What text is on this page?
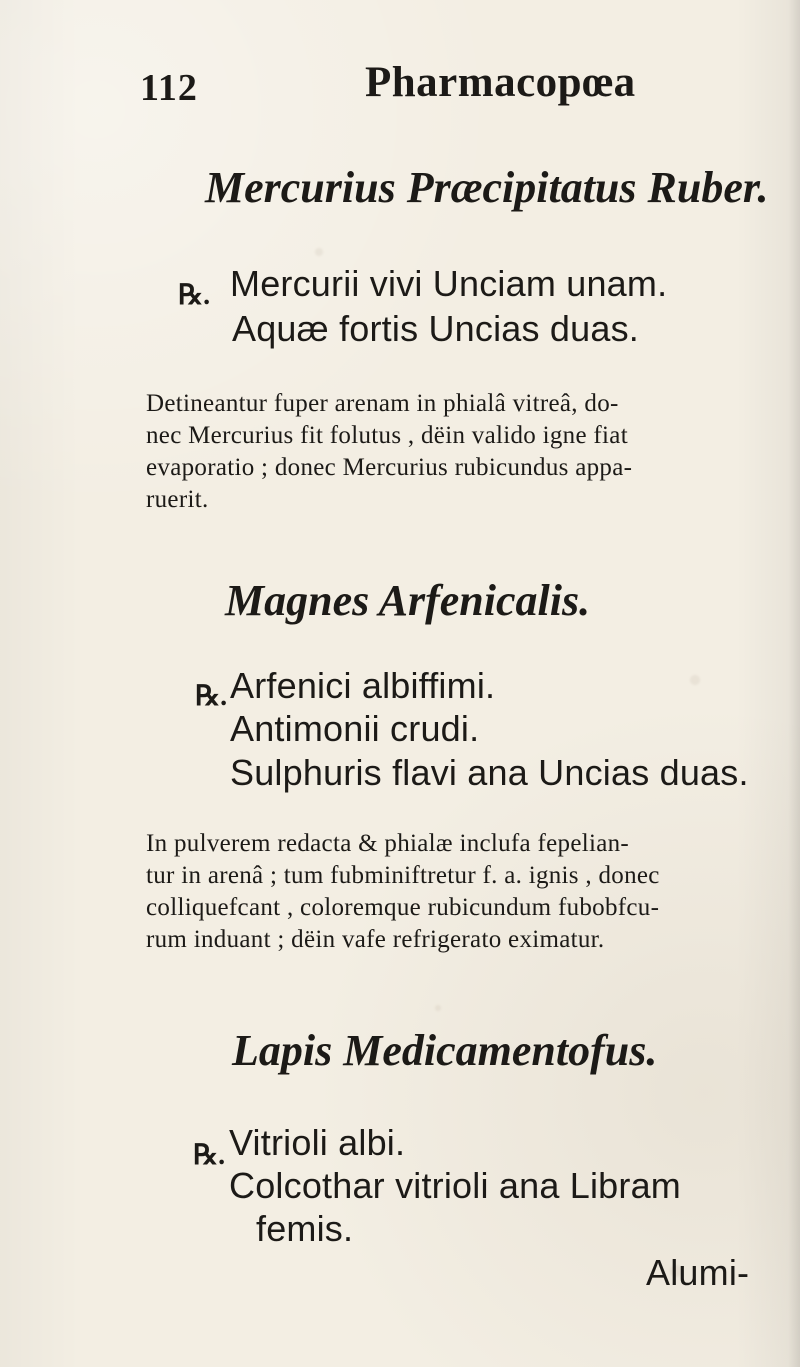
112	Pharmacopœa
Mercurius Præcipitatus Ruber.
℞. Mercurii vivi Unciam unam.
Aquæ fortis Uncias duas.
Detineantur fuper arenam in phialâ vitreâ, do-
nec Mercurius fit folutus , dëin valido igne fiat
evaporatio ; donec Mercurius rubicundus appa-
ruerit.
Magnes Arfenicalis.
℞. Arfenici albiffimi.
Antimonii crudi.
Sulphuris flavi ana Uncias duas.
In pulverem redacta & phialæ inclufa fepelian-
tur in arenâ ; tum fubminiftretur f. a. ignis , donec
colliquefcant , coloremque rubicundum fubobfcu-
rum induant ; dëin vafe refrigerato eximatur.
Lapis Medicamentofus.
℞. Vitrioli albi.
Colcothar vitrioli ana Libram
femis.
Alumi-
